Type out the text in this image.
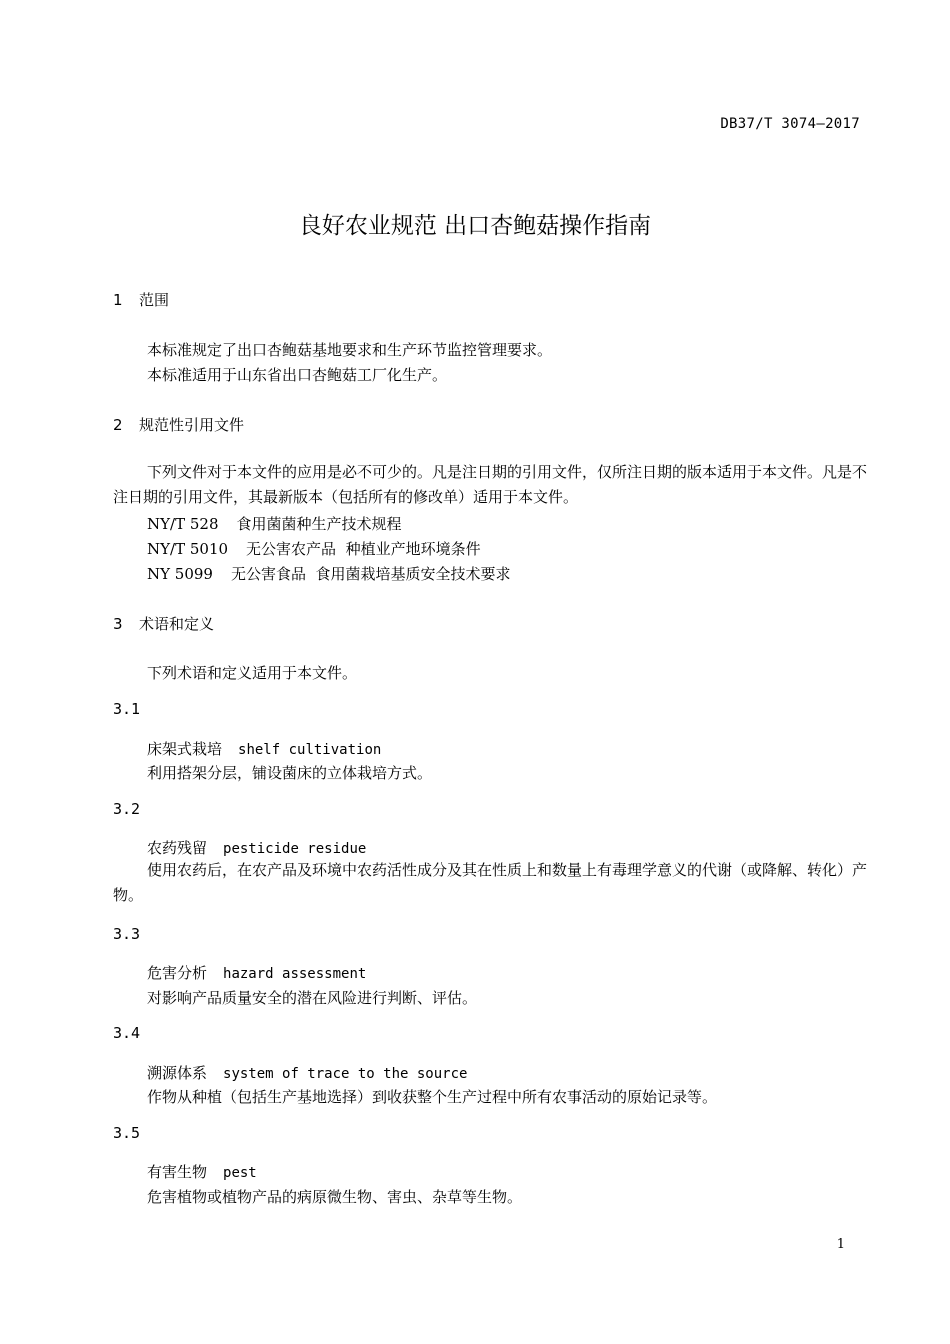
DB37/T 3074—2017
良好农业规范 出口杏鲍菇操作指南
1 范围
本标准规定了出口杏鲍菇基地要求和生产环节监控管理要求。
本标准适用于山东省出口杏鲍菇工厂化生产。
2 规范性引用文件
下列文件对于本文件的应用是必不可少的。凡是注日期的引用文件，仅所注日期的版本适用于本文件。凡是不注日期的引用文件，其最新版本（包括所有的修改单）适用于本文件。
NY/T 528 食用菌菌种生产技术规程
NY/T 5010 无公害农产品  种植业产地环境条件
NY 5099 无公害食品  食用菌栽培基质安全技术要求
3 术语和定义
下列术语和定义适用于本文件。
3.1
床架式栽培 shelf cultivation
利用搭架分层，铺设菌床的立体栽培方式。
3.2
农药残留 pesticide residue
使用农药后，在农产品及环境中农药活性成分及其在性质上和数量上有毒理学意义的代谢（或降解、转化）产物。
3.3
危害分析 hazard assessment
对影响产品质量安全的潜在风险进行判断、评估。
3.4
溯源体系 system of trace to the source
作物从种植（包括生产基地选择）到收获整个生产过程中所有农事活动的原始记录等。
3.5
有害生物 pest
危害植物或植物产品的病原微生物、害虫、杂草等生物。
1
